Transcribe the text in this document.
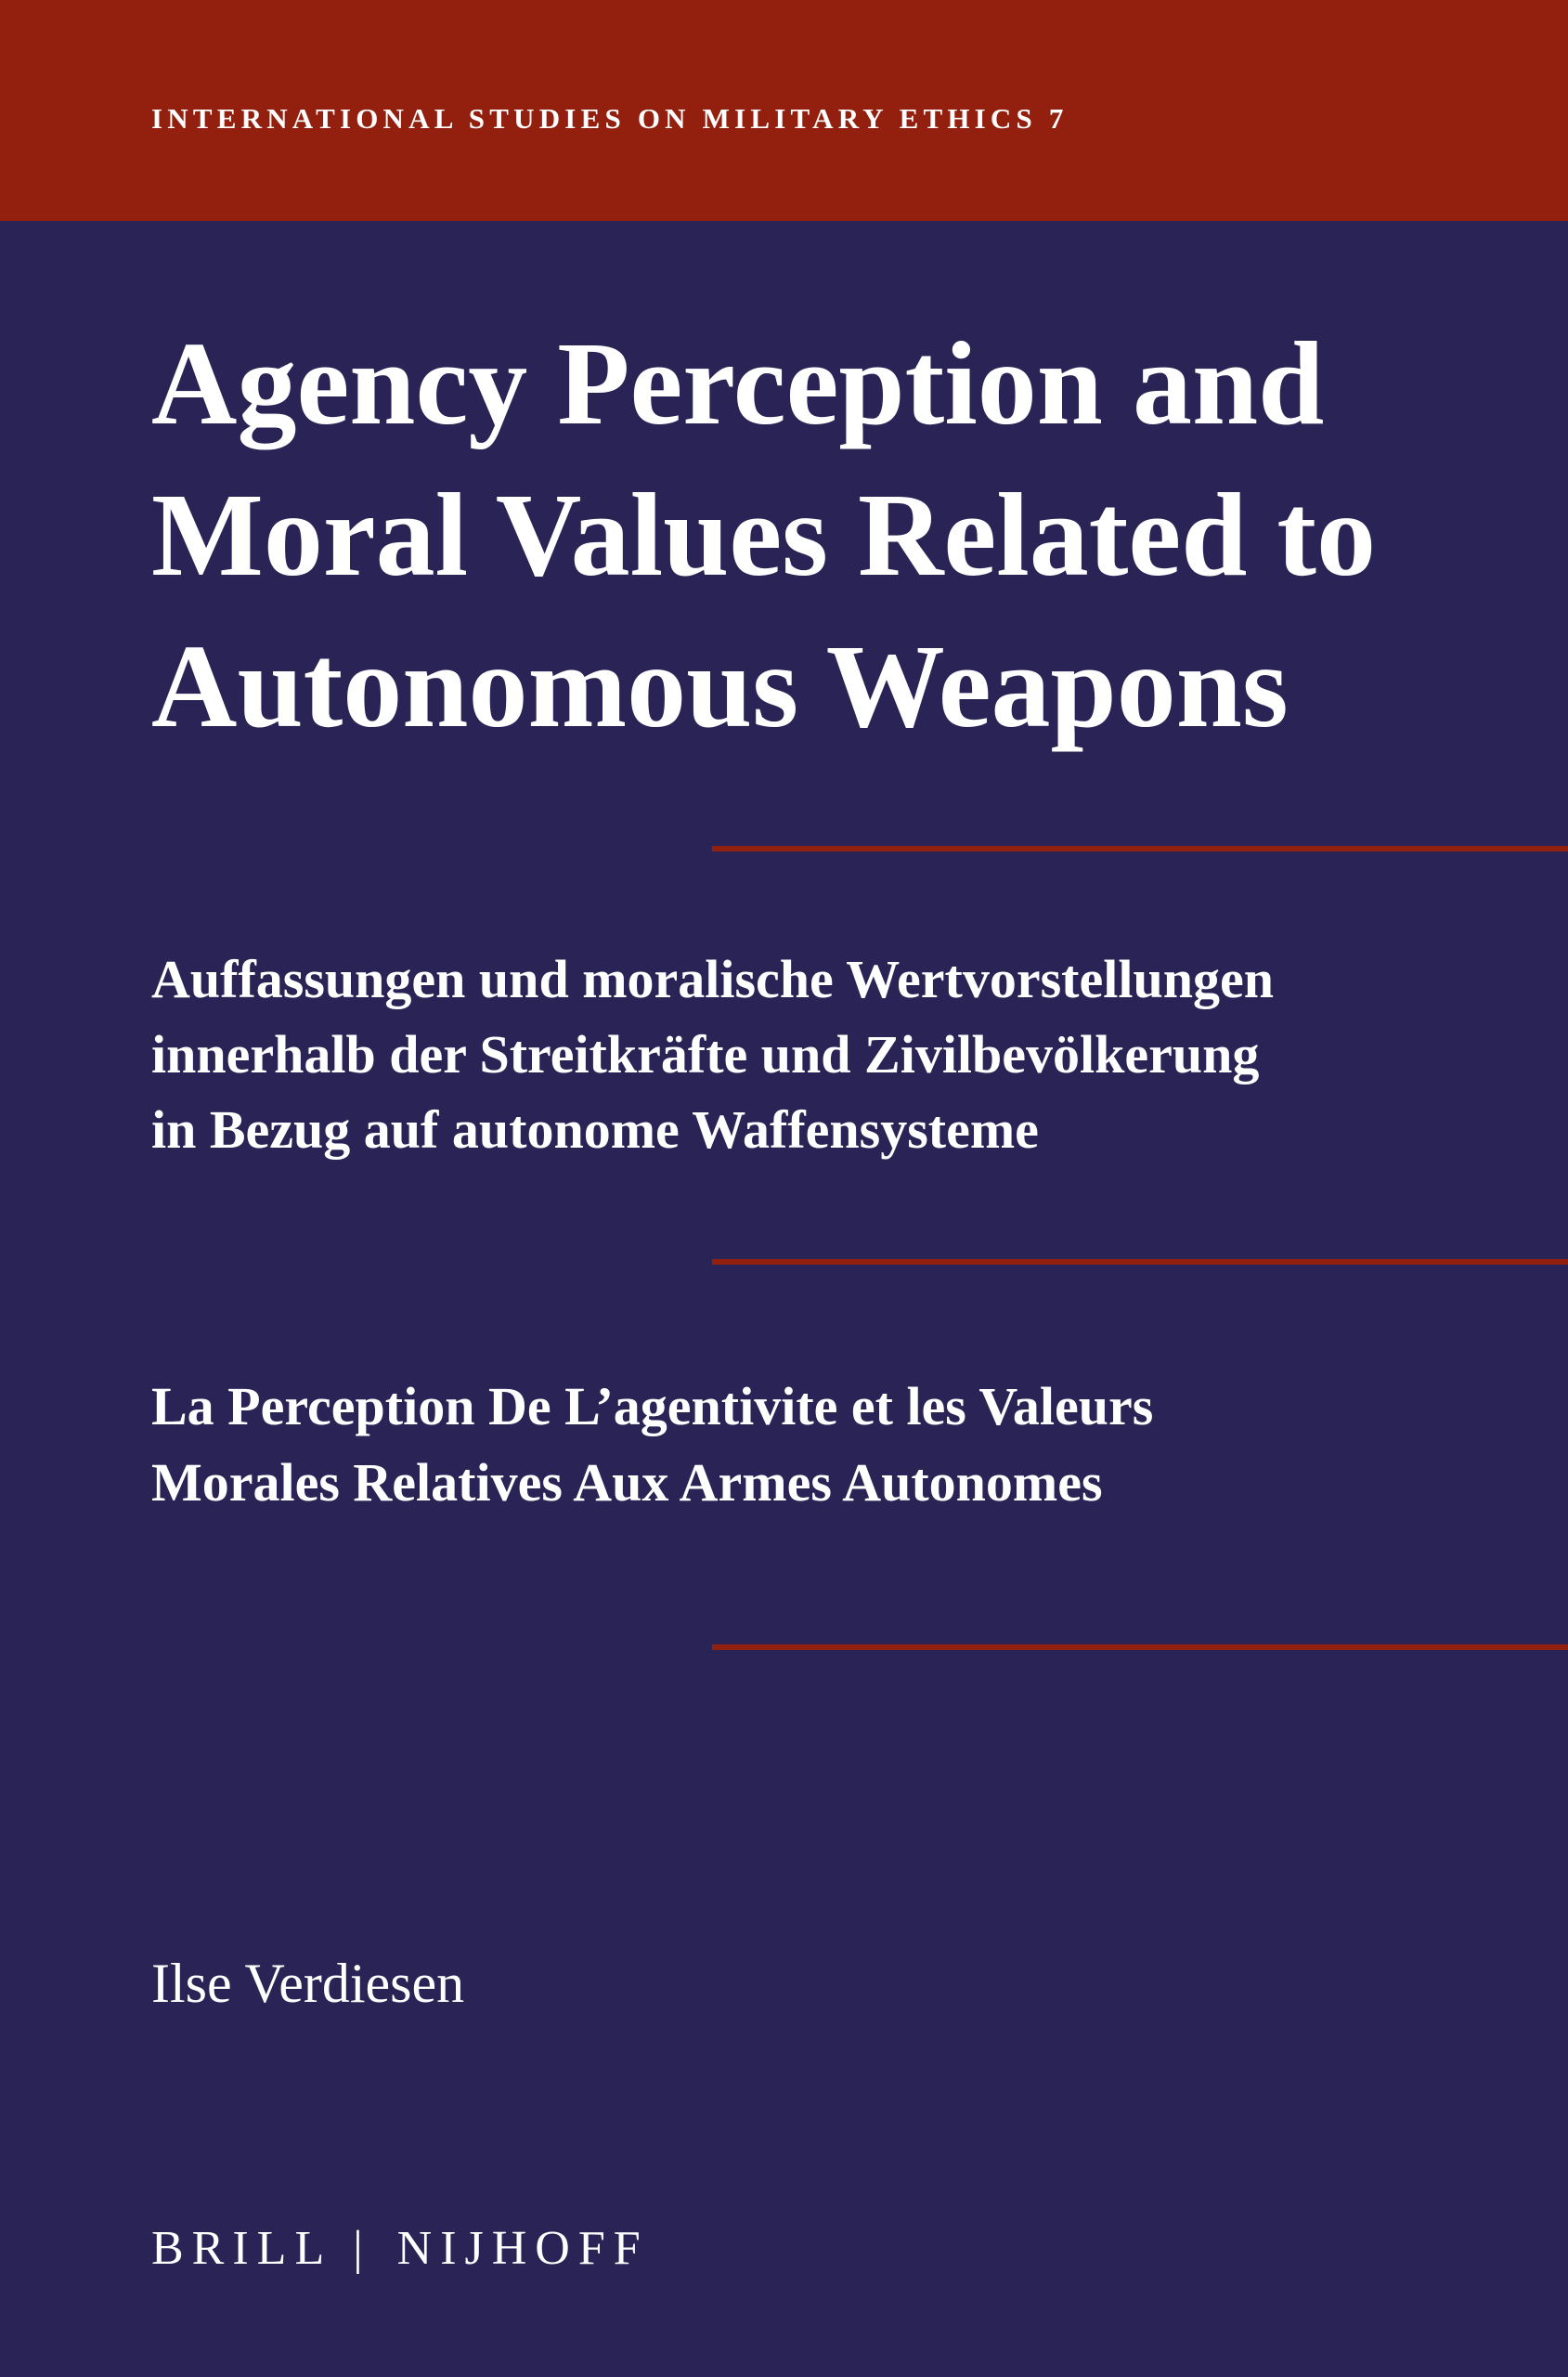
INTERNATIONAL STUDIES ON MILITARY ETHICS 7
Agency Perception and
Moral Values Related to
Autonomous Weapons
Auffassungen und moralische Wertvorstellungen
innerhalb der Streitkräfte und Zivilbevölkerung
in Bezug auf autonome Waffensysteme
La Perception De L’agentivite et les Valeurs
Morales Relatives Aux Armes Autonomes
Ilse Verdiesen
BRILL | NIJHOFF
